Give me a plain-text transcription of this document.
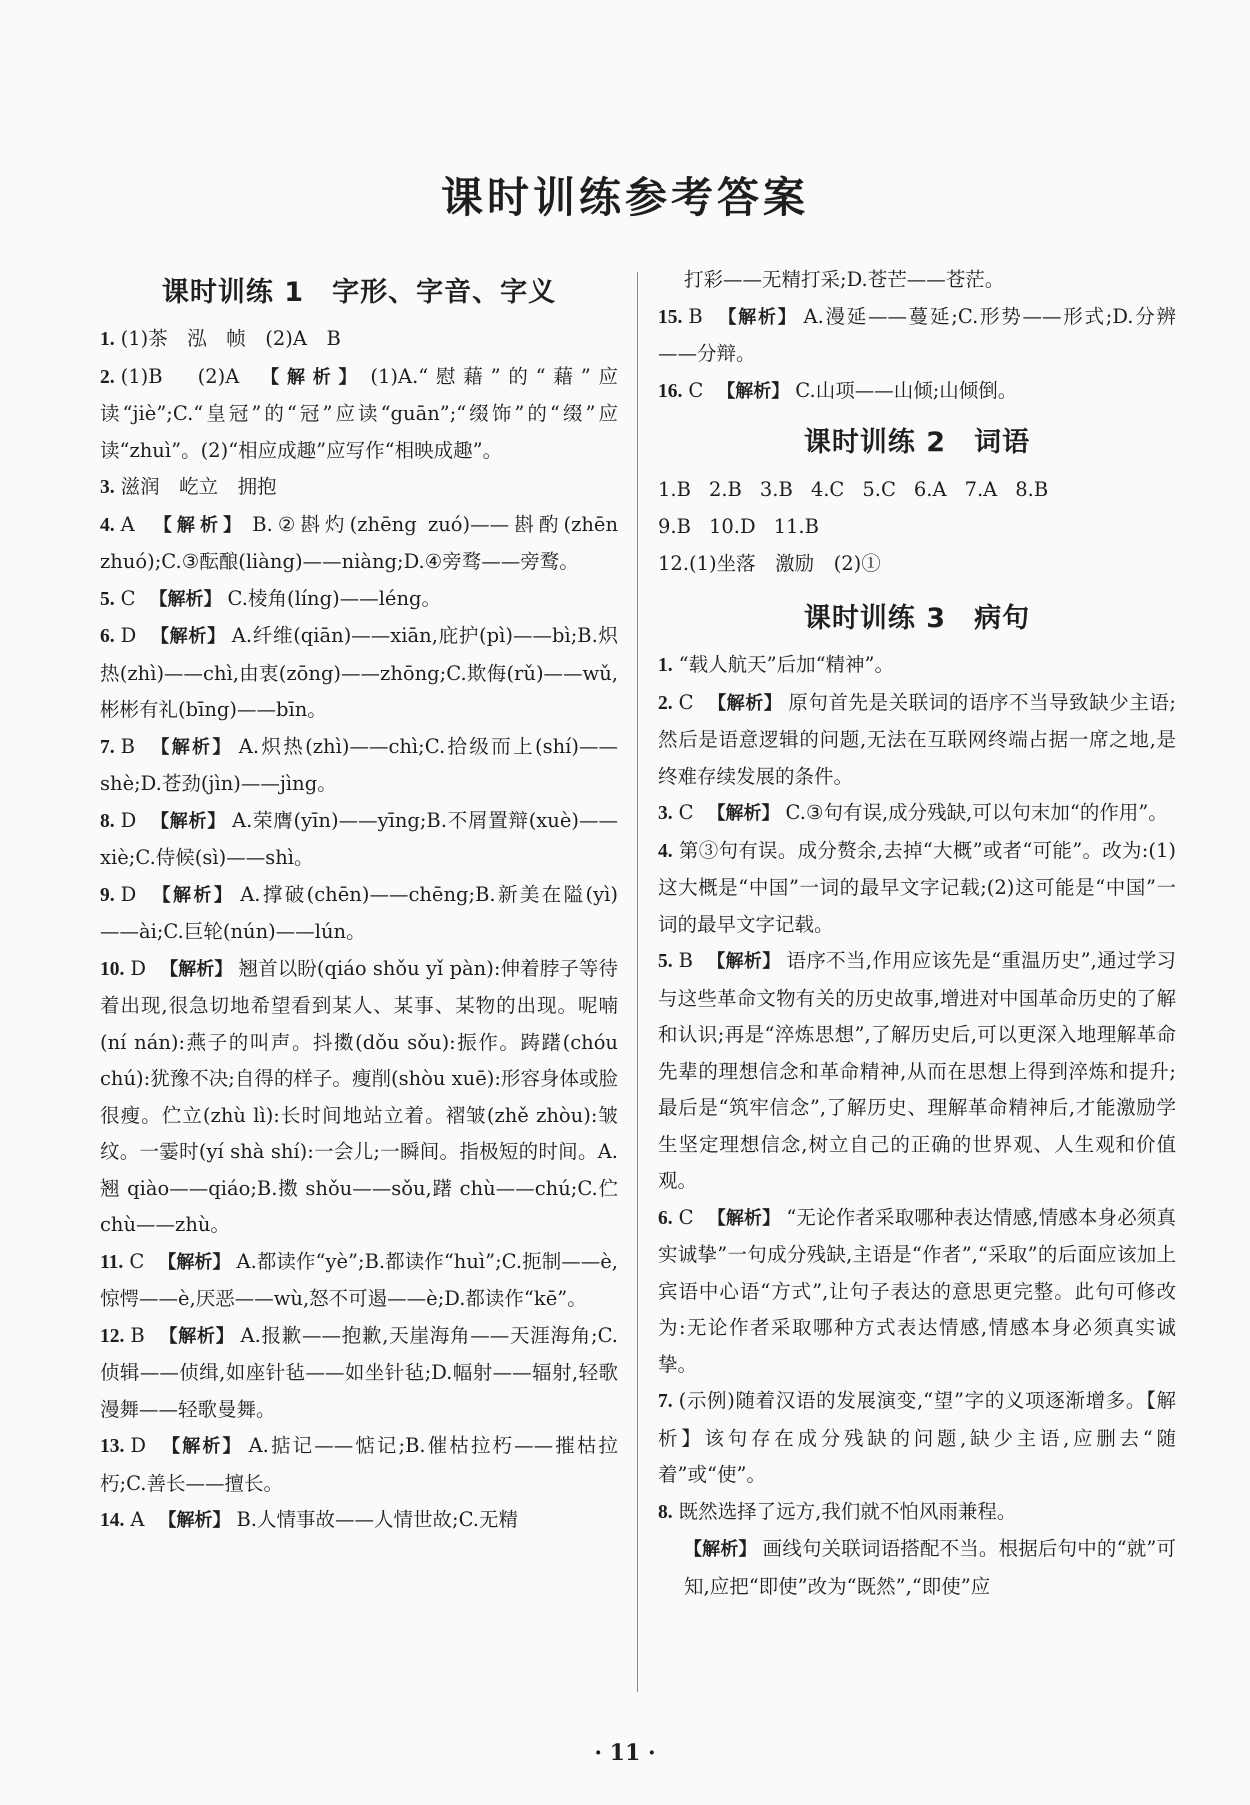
课时训练参考答案
课时训练 1　字形、字音、字义
1. (1)茶　泓　帧　(2)A　B
2. (1)B　(2)A 【解析】 (1)A.“慰藉”的“藉”应读“jiè”;C.“皇冠”的“冠”应读“guān”;“缀饰”的“缀”应读“zhuì”。(2)“相应成趣”应写作“相映成趣”。
3. 滋润　屹立　拥抱
4. A 【解析】 B.②斟灼(zhēng zuó)——斟酌(zhēn zhuó);C.③酝酿(liàng)——niàng;D.④旁骛——旁鹜。
5. C 【解析】 C.棱角(líng)——léng。
6. D 【解析】 A.纤维(qiān)——xiān,庇护(pì)——bì;B.炽热(zhì)——chì,由衷(zōng)——zhōng;C.欺侮(rǔ)——wǔ,彬彬有礼(bīng)——bīn。
7. B 【解析】 A.炽热(zhì)——chì;C.拾级而上(shí)——shè;D.苍劲(jìn)——jìng。
8. D 【解析】 A.荣膺(yīn)——yīng;B.不屑置辩(xuè)——xiè;C.侍候(sì)——shì。
9. D 【解析】 A.撑破(chēn)——chēng;B.新美在隘(yì)——ài;C.巨轮(nún)——lún。
10. D 【解析】 翘首以盼(qiáo shǒu yǐ pàn):伸着脖子等待着出现,很急切地希望看到某人、某事、某物的出现。呢喃(ní nán):燕子的叫声。抖擞(dǒu sǒu):振作。踌躇(chóu chú):犹豫不决;自得的样子。瘦削(shòu xuē):形容身体或脸很瘦。伫立(zhù lì):长时间地站立着。褶皱(zhě zhòu):皱纹。一霎时(yí shà shí):一会儿;一瞬间。指极短的时间。A.翘 qiào——qiáo;B.擞 shǒu——sǒu,躇 chù——chú;C.伫 chù——zhù。
11. C 【解析】 A.都读作“yè”;B.都读作“huì”;C.扼制——è,惊愕——è,厌恶——wù,怒不可遏——è;D.都读作“kē”。
12. B 【解析】 A.报歉——抱歉,天崖海角——天涯海角;C.侦辑——侦缉,如座针毡——如坐针毡;D.幅射——辐射,轻歌漫舞——轻歌曼舞。
13. D 【解析】 A.掂记——惦记;B.催枯拉朽——摧枯拉朽;C.善长——擅长。
14. A 【解析】 B.人情事故——人情世故;C.无精
打彩——无精打采;D.苍芒——苍茫。
15. B 【解析】 A.漫延——蔓延;C.形势——形式;D.分辨——分辩。
16. C 【解析】 C.山项——山倾;山倾倒。
课时训练 2　词语
1.B 2.B 3.B 4.C 5.C 6.A 7.A 8.B
9.B 10.D 11.B
12.(1)坐落　激励　(2)①
课时训练 3　病句
1. “载人航天”后加“精神”。
2. C 【解析】 原句首先是关联词的语序不当导致缺少主语;然后是语意逻辑的问题,无法在互联网终端占据一席之地,是终难存续发展的条件。
3. C 【解析】 C.③句有误,成分残缺,可以句末加“的作用”。
4. 第③句有误。成分赘余,去掉“大概”或者“可能”。改为:(1)这大概是“中国”一词的最早文字记载;(2)这可能是“中国”一词的最早文字记载。
5. B 【解析】 语序不当,作用应该先是“重温历史”,通过学习与这些革命文物有关的历史故事,增进对中国革命历史的了解和认识;再是“淬炼思想”,了解历史后,可以更深入地理解革命先辈的理想信念和革命精神,从而在思想上得到淬炼和提升;最后是“筑牢信念”,了解历史、理解革命精神后,才能激励学生坚定理想信念,树立自己的正确的世界观、人生观和价值观。
6. C 【解析】 “无论作者采取哪种表达情感,情感本身必须真实诚挚”一句成分残缺,主语是“作者”,“采取”的后面应该加上宾语中心语“方式”,让句子表达的意思更完整。此句可修改为:无论作者采取哪种方式表达情感,情感本身必须真实诚挚。
7. (示例)随着汉语的发展演变,“望”字的义项逐渐增多。【解析】该句存在成分残缺的问题,缺少主语,应删去“随着”或“使”。
8. 既然选择了远方,我们就不怕风雨兼程。
【解析】 画线句关联词语搭配不当。根据后句中的“就”可知,应把“即使”改为“既然”,“即使”应
· 11 ·
